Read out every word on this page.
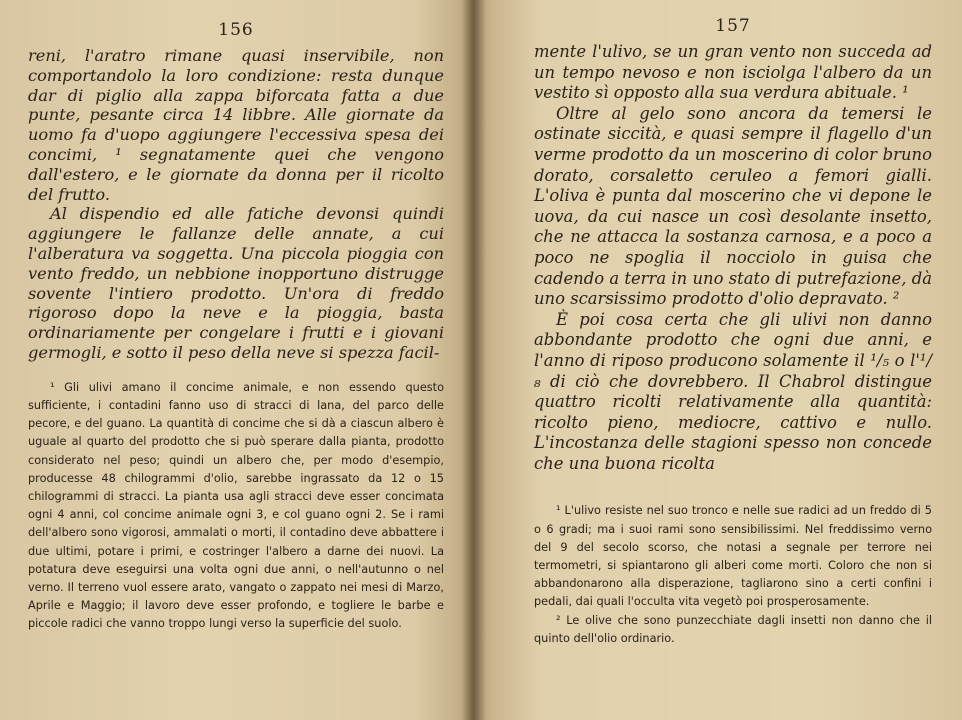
156

reni, l'aratro rimane quasi inservibile, non comportandolo la loro condizione: resta dunque dar di piglio alla zappa biforcata fatta a due punte, pesante circa 14 libbre. Alle giornate da uomo fa d'uopo aggiungere l'eccessiva spesa dei concimi, ¹ segnatamente quei che vengono dall'estero, e le giornate da donna per il ricolto del frutto.

Al dispendio ed alle fatiche devonsi quindi aggiungere le fallanze delle annate, a cui l'alberatura va soggetta. Una piccola pioggia con vento freddo, un nebbione inopportuno distrugge sovente l'intiero prodotto. Un'ora di freddo rigoroso dopo la neve e la pioggia, basta ordinariamente per congelare i frutti e i giovani germogli, e sotto il peso della neve si spezza facil-

¹ Gli ulivi amano il concime animale, e non essendo questo sufficiente, i contadini fanno uso di stracci di lana, del parco delle pecore, e del guano. La quantità di concime che si dà a ciascun albero è uguale al quarto del prodotto che si può sperare dalla pianta, prodotto considerato nel peso; quindi un albero che, per modo d'esempio, producesse 48 chilogrammi d'olio, sarebbe ingrassato da 12 o 15 chilogrammi di stracci. La pianta usa agli stracci deve esser concimata ogni 4 anni, col concime animale ogni 3, e col guano ogni 2. Se i rami dell'albero sono vigorosi, ammalati o morti, il contadino deve abbattere i due ultimi, potare i primi, e costringer l'albero a darne dei nuovi. La potatura deve eseguirsi una volta ogni due anni, o nell'autunno o nel verno. Il terreno vuol essere arato, vangato o zappato nei mesi di Marzo, Aprile e Maggio; il lavoro deve esser profondo, e togliere le barbe e piccole radici che vanno troppo lungi verso la superficie del suolo.

157

mente l'ulivo, se un gran vento non succeda ad un tempo nevoso e non isciolga l'albero da un vestito sì opposto alla sua verdura abituale. ¹

Oltre al gelo sono ancora da temersi le ostinate siccità, e quasi sempre il flagello d'un verme prodotto da un moscerino di color bruno dorato, corsaletto ceruleo a femori gialli. L'oliva è punta dal moscerino che vi depone le uova, da cui nasce un così desolante insetto, che ne attacca la sostanza carnosa, e a poco a poco ne spoglia il nocciolo in guisa che cadendo a terra in uno stato di putrefazione, dà uno scarsissimo prodotto d'olio depravato. ²

È poi cosa certa che gli ulivi non danno abbondante prodotto che ogni due anni, e l'anno di riposo producono solamente il ¹/₅ o l'¹/₈ di ciò che dovrebbero. Il Chabrol distingue quattro ricolti relativamente alla quantità: ricolto pieno, mediocre, cattivo e nullo. L'incostanza delle stagioni spesso non concede che una buona ricolta

¹ L'ulivo resiste nel suo tronco e nelle sue radici ad un freddo di 5 o 6 gradi; ma i suoi rami sono sensibilissimi. Nel freddissimo verno del 9 del secolo scorso, che notasi a segnale per terrore nei termometri, si spiantarono gli alberi come morti. Coloro che non si abbandonarono alla disperazione, tagliarono sino a certi confini i pedali, dai quali l'occulta vita vegetò poi prosperosamente.

² Le olive che sono punzecchiate dagli insetti non danno che il quinto dell'olio ordinario.
